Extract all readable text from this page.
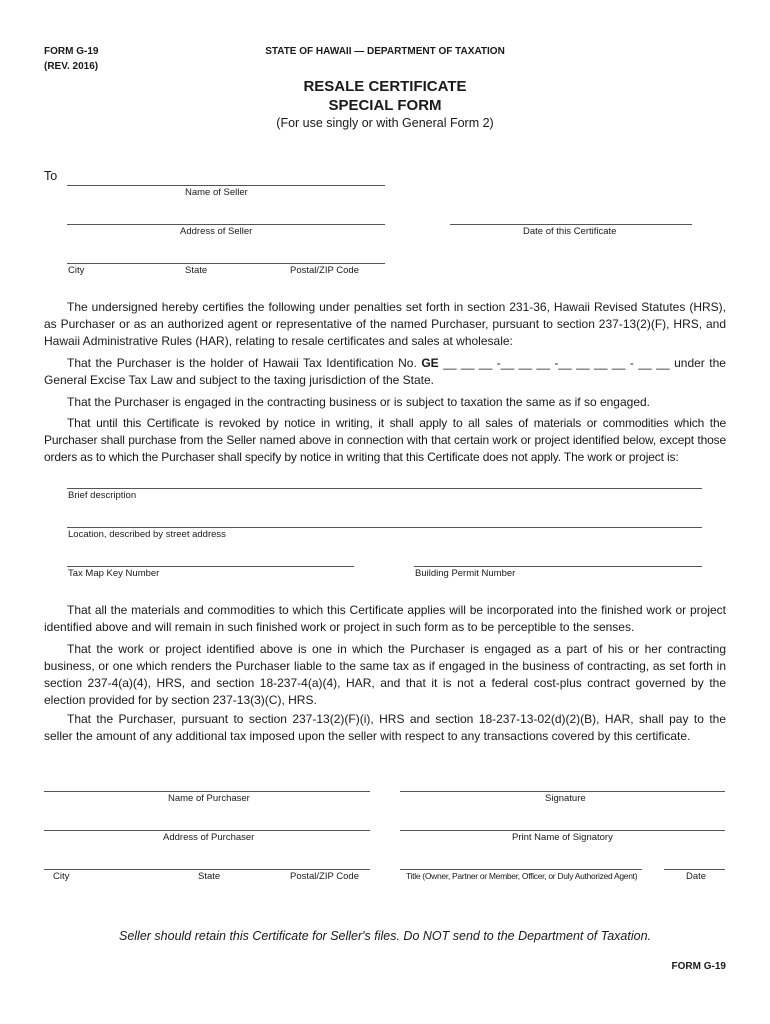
FORM G-19
(REV. 2016)
STATE OF HAWAII — DEPARTMENT OF TAXATION
RESALE CERTIFICATE
SPECIAL FORM
(For use singly or with General Form 2)
To
Name of Seller
Address of Seller	Date of this Certificate
City	State	Postal/ZIP Code
The undersigned hereby certifies the following under penalties set forth in section 231-36, Hawaii Revised Statutes (HRS), as Purchaser or as an authorized agent or representative of the named Purchaser, pursuant to section 237-13(2)(F), HRS, and Hawaii Administrative Rules (HAR), relating to resale certificates and sales at wholesale:
That the Purchaser is the holder of Hawaii Tax Identification No. GE __ __ __ -__ __ __ -__ __ __ __ - __ __ under the General Excise Tax Law and subject to the taxing jurisdiction of the State.
That the Purchaser is engaged in the contracting business or is subject to taxation the same as if so engaged.
That until this Certificate is revoked by notice in writing, it shall apply to all sales of materials or commodities which the Purchaser shall purchase from the Seller named above in connection with that certain work or project identified below, except those orders as to which the Purchaser shall specify by notice in writing that this Certificate does not apply. The work or project is:
Brief description
Location, described by street address
Tax Map Key Number	Building Permit Number
That all the materials and commodities to which this Certificate applies will be incorporated into the finished work or project identified above and will remain in such finished work or project in such form as to be perceptible to the senses.
That the work or project identified above is one in which the Purchaser is engaged as a part of his or her contracting business, or one which renders the Purchaser liable to the same tax as if engaged in the business of contracting, as set forth in section 237-4(a)(4), HRS, and section 18-237-4(a)(4), HAR, and that it is not a federal cost-plus contract governed by the election provided for by section 237-13(3)(C), HRS.
That the Purchaser, pursuant to section 237-13(2)(F)(i), HRS and section 18-237-13-02(d)(2)(B), HAR, shall pay to the seller the amount of any additional tax imposed upon the seller with respect to any transactions covered by this certificate.
Name of Purchaser	Signature
Address of Purchaser	Print Name of Signatory
City	State	Postal/ZIP Code	Title (Owner, Partner or Member, Officer, or Duly Authorized Agent)	Date
Seller should retain this Certificate for Seller's files. Do NOT send to the Department of Taxation.
FORM G-19
